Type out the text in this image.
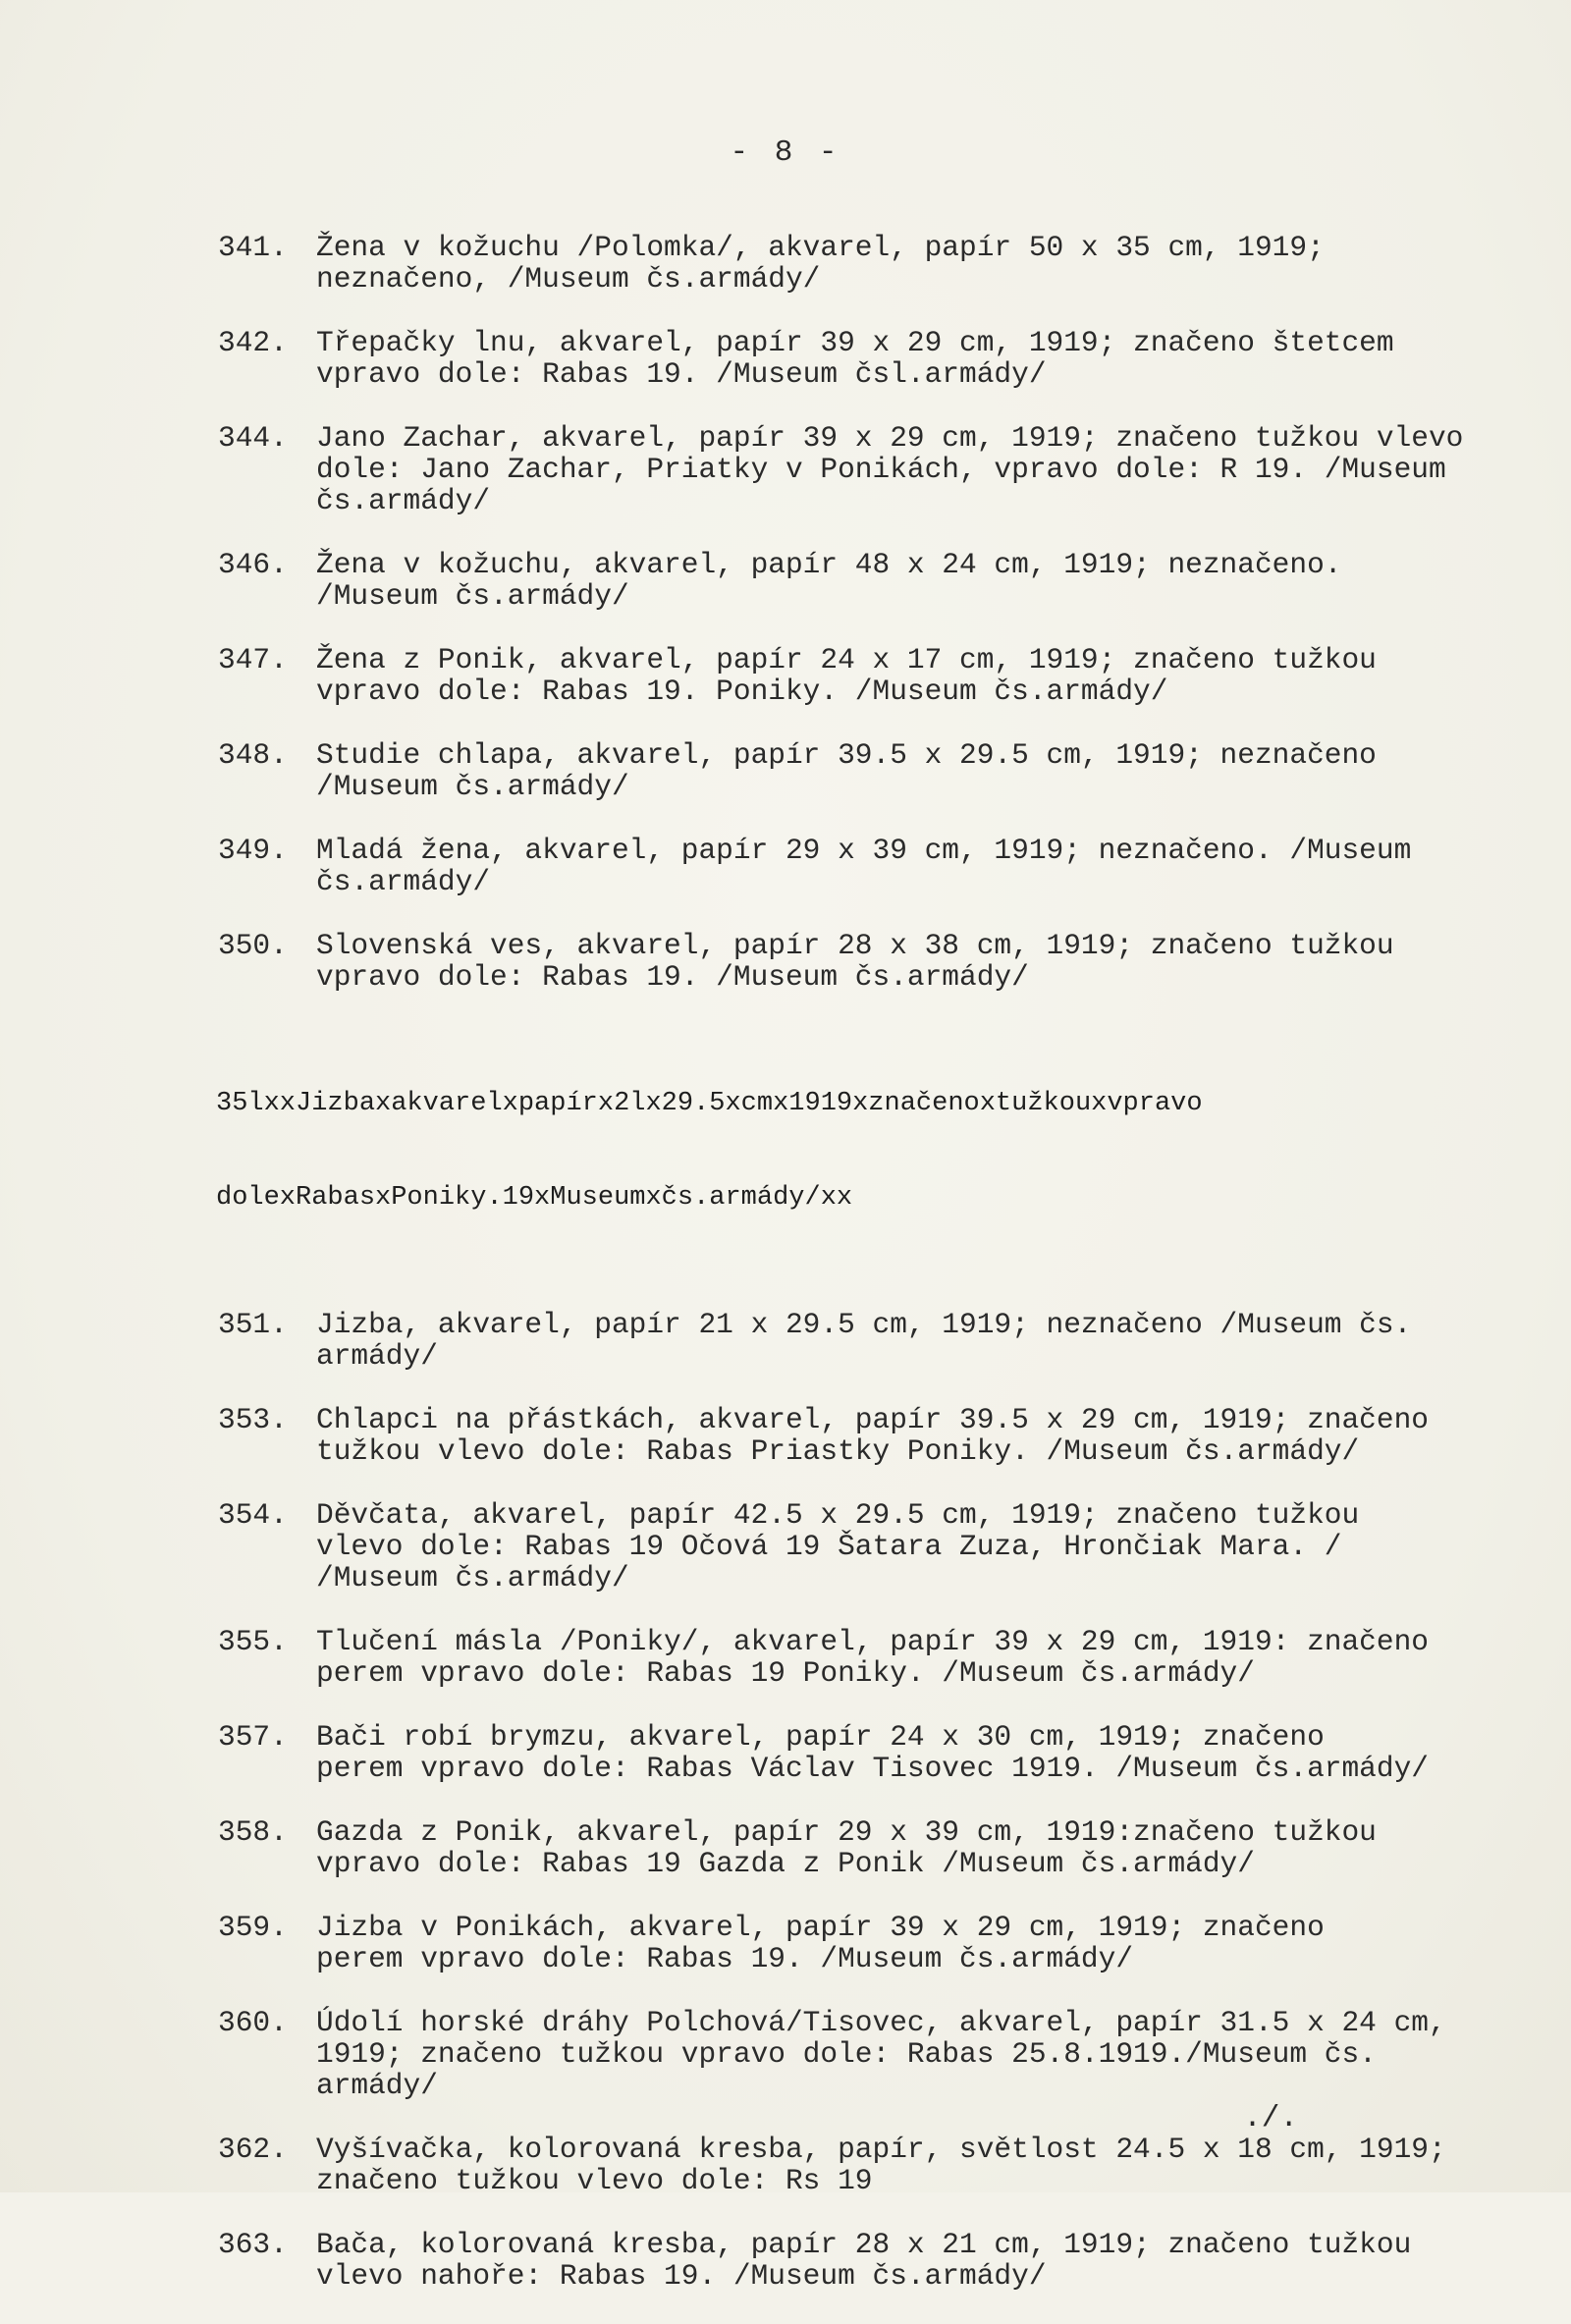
- 8 -
341. Žena v kožuchu /Polomka/, akvarel, papír 50 x 35 cm, 1919;
neznačeno, /Museum čs.armády/
342. Třepačky lnu, akvarel, papír 39 x 29 cm, 1919; značeno štetcem
vpravo dole: Rabas 19. /Museum čsl.armády/
344. Jano Zachar, akvarel, papír 39 x 29 cm, 1919; značeno tužkou vlevo
dole: Jano Zachar, Priatky v Ponikách, vpravo dole: R 19. /Museum
čs.armády/
346. Žena v kožuchu, akvarel, papír 48 x 24 cm, 1919; neznačeno.
/Museum čs.armády/
347. Žena z Ponik, akvarel, papír 24 x 17 cm, 1919; značeno tužkou
vpravo dole: Rabas 19. Poniky. /Museum čs.armády/
348. Studie chlapa, akvarel, papír 39.5 x 29.5 cm, 1919; neznačeno
/Museum čs.armády/
349. Mladá žena, akvarel, papír 29 x 39 cm, 1919; neznačeno. /Museum
čs.armády/
350. Slovenská ves, akvarel, papír 28 x 38 cm, 1919; značeno tužkou
vpravo dole: Rabas 19. /Museum čs.armády/

35lxxJizbaxakvarelxpapírx2lx29.5xcmx1919xznačenoxtužkouxvpravo

dolexRabasxPoniky.19xMuseumxčs.armády/xx

351. Jizba, akvarel, papír 21 x 29.5 cm, 1919; neznačeno /Museum čs.
armády/
353. Chlapci na přástkách, akvarel, papír 39.5 x 29 cm, 1919; značeno
tužkou vlevo dole: Rabas Priastky Poniky. /Museum čs.armády/
354. Děvčata, akvarel, papír 42.5 x 29.5 cm, 1919; značeno tužkou
vlevo dole: Rabas 19 Očová 19 Šatara Zuza, Hrončiak Mara. /
/Museum čs.armády/
355. Tlučení másla /Poniky/, akvarel, papír 39 x 29 cm, 1919: značeno
perem vpravo dole: Rabas 19 Poniky. /Museum čs.armády/
357. Bači robí brymzu, akvarel, papír 24 x 30 cm, 1919; značeno
perem vpravo dole: Rabas Václav Tisovec 1919. /Museum čs.armády/
358. Gazda z Ponik, akvarel, papír 29 x 39 cm, 1919:značeno tužkou
vpravo dole: Rabas 19 Gazda z Ponik /Museum čs.armády/
359. Jizba v Ponikách, akvarel, papír 39 x 29 cm, 1919; značeno
perem vpravo dole: Rabas 19. /Museum čs.armády/
360. Údolí horské dráhy Polchová/Tisovec, akvarel, papír 31.5 x 24 cm,
1919; značeno tužkou vpravo dole: Rabas 25.8.1919./Museum čs.
armády/
362. Vyšívačka, kolorovaná kresba, papír, světlost 24.5 x 18 cm, 1919;
značeno tužkou vlevo dole: Rs 19
363. Bača, kolorovaná kresba, papír 28 x 21 cm, 1919; značeno tužkou
vlevo nahoře: Rabas 19. /Museum čs.armády/
./.
